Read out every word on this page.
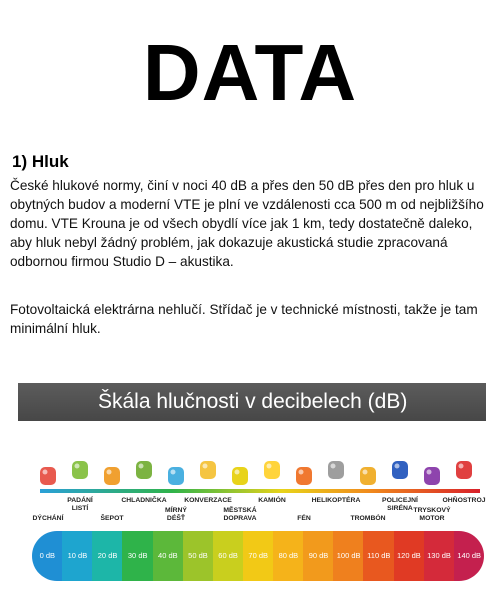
DATA
1) Hluk
České hlukové normy, činí v noci 40 dB a přes den 50 dB přes den pro hluk u obytných budov a moderní VTE je plní ve vzdálenosti cca 500 m od nejbližšího domu. VTE Krouna je od všech obydlí více jak 1 km, tedy dostatečně daleko, aby hluk nebyl žádný problém, jak dokazuje akustická studie zpracovaná odbornou firmou Studio D – akustika.
Fotovoltaická elektrárna nehlučí. Střídač je v technické místnosti, takže je tam minimální hluk.
Škála hlučnosti v decibelech (dB)
DÝCHÁNÍ
PADÁNÍ
LISTÍ
ŠEPOT
CHLADNIČKA
MÍRNÝ
DÉŠŤ
KONVERZACE
MĚSTSKÁ
DOPRAVA
KAMIÓN
FÉN
HELIKOPTÉRA
TROMBÓN
POLICEJNÍ
SIRÉNA TRYSKOVÝ
MOTOR
OHŇOSTROJ
0 dB	10 dB	20 dB	30 dB	40 dB	50 dB	60 dB	70 dB	80 dB	90 dB	100 dB 110 dB 120 dB 130 dB 140 dB
